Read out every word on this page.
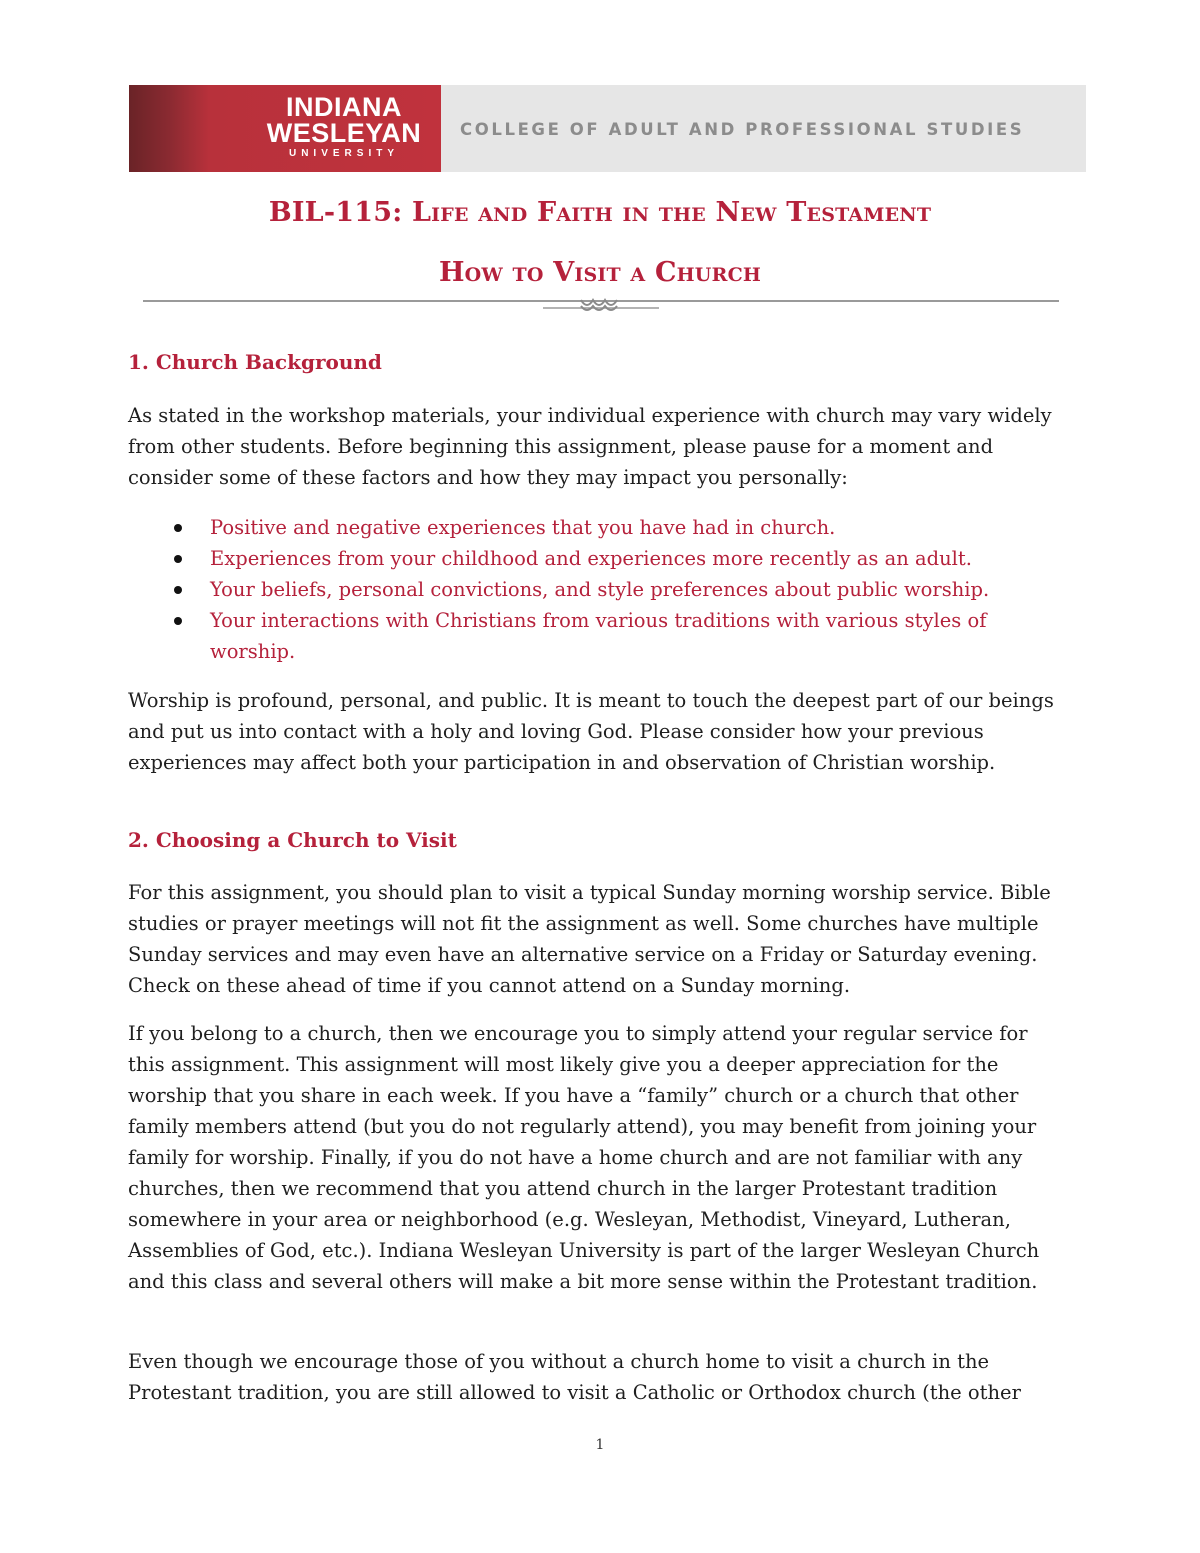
INDIANA
WESLEYAN
UNIVERSITY
COLLEGE OF ADULT AND PROFESSIONAL STUDIES
BIL-115: Life and Faith in the New Testament
How to Visit a Church
1. Church Background

As stated in the workshop materials, your individual experience with church may vary widely from other students. Before beginning this assignment, please pause for a moment and consider some of these factors and how they may impact you personally:

Positive and negative experiences that you have had in church.
Experiences from your childhood and experiences more recently as an adult.
Your beliefs, personal convictions, and style preferences about public worship.
Your interactions with Christians from various traditions with various styles of worship.

Worship is profound, personal, and public. It is meant to touch the deepest part of our beings and put us into contact with a holy and loving God. Please consider how your previous experiences may affect both your participation in and observation of Christian worship.

2. Choosing a Church to Visit

For this assignment, you should plan to visit a typical Sunday morning worship service. Bible studies or prayer meetings will not fit the assignment as well. Some churches have multiple Sunday services and may even have an alternative service on a Friday or Saturday evening. Check on these ahead of time if you cannot attend on a Sunday morning.

If you belong to a church, then we encourage you to simply attend your regular service for this assignment. This assignment will most likely give you a deeper appreciation for the worship that you share in each week. If you have a “family” church or a church that other family members attend (but you do not regularly attend), you may benefit from joining your family for worship. Finally, if you do not have a home church and are not familiar with any churches, then we recommend that you attend church in the larger Protestant tradition somewhere in your area or neighborhood (e.g. Wesleyan, Methodist, Vineyard, Lutheran, Assemblies of God, etc.). Indiana Wesleyan University is part of the larger Wesleyan Church and this class and several others will make a bit more sense within the Protestant tradition.

Even though we encourage those of you without a church home to visit a church in the Protestant tradition, you are still allowed to visit a Catholic or Orthodox church (the other

1
